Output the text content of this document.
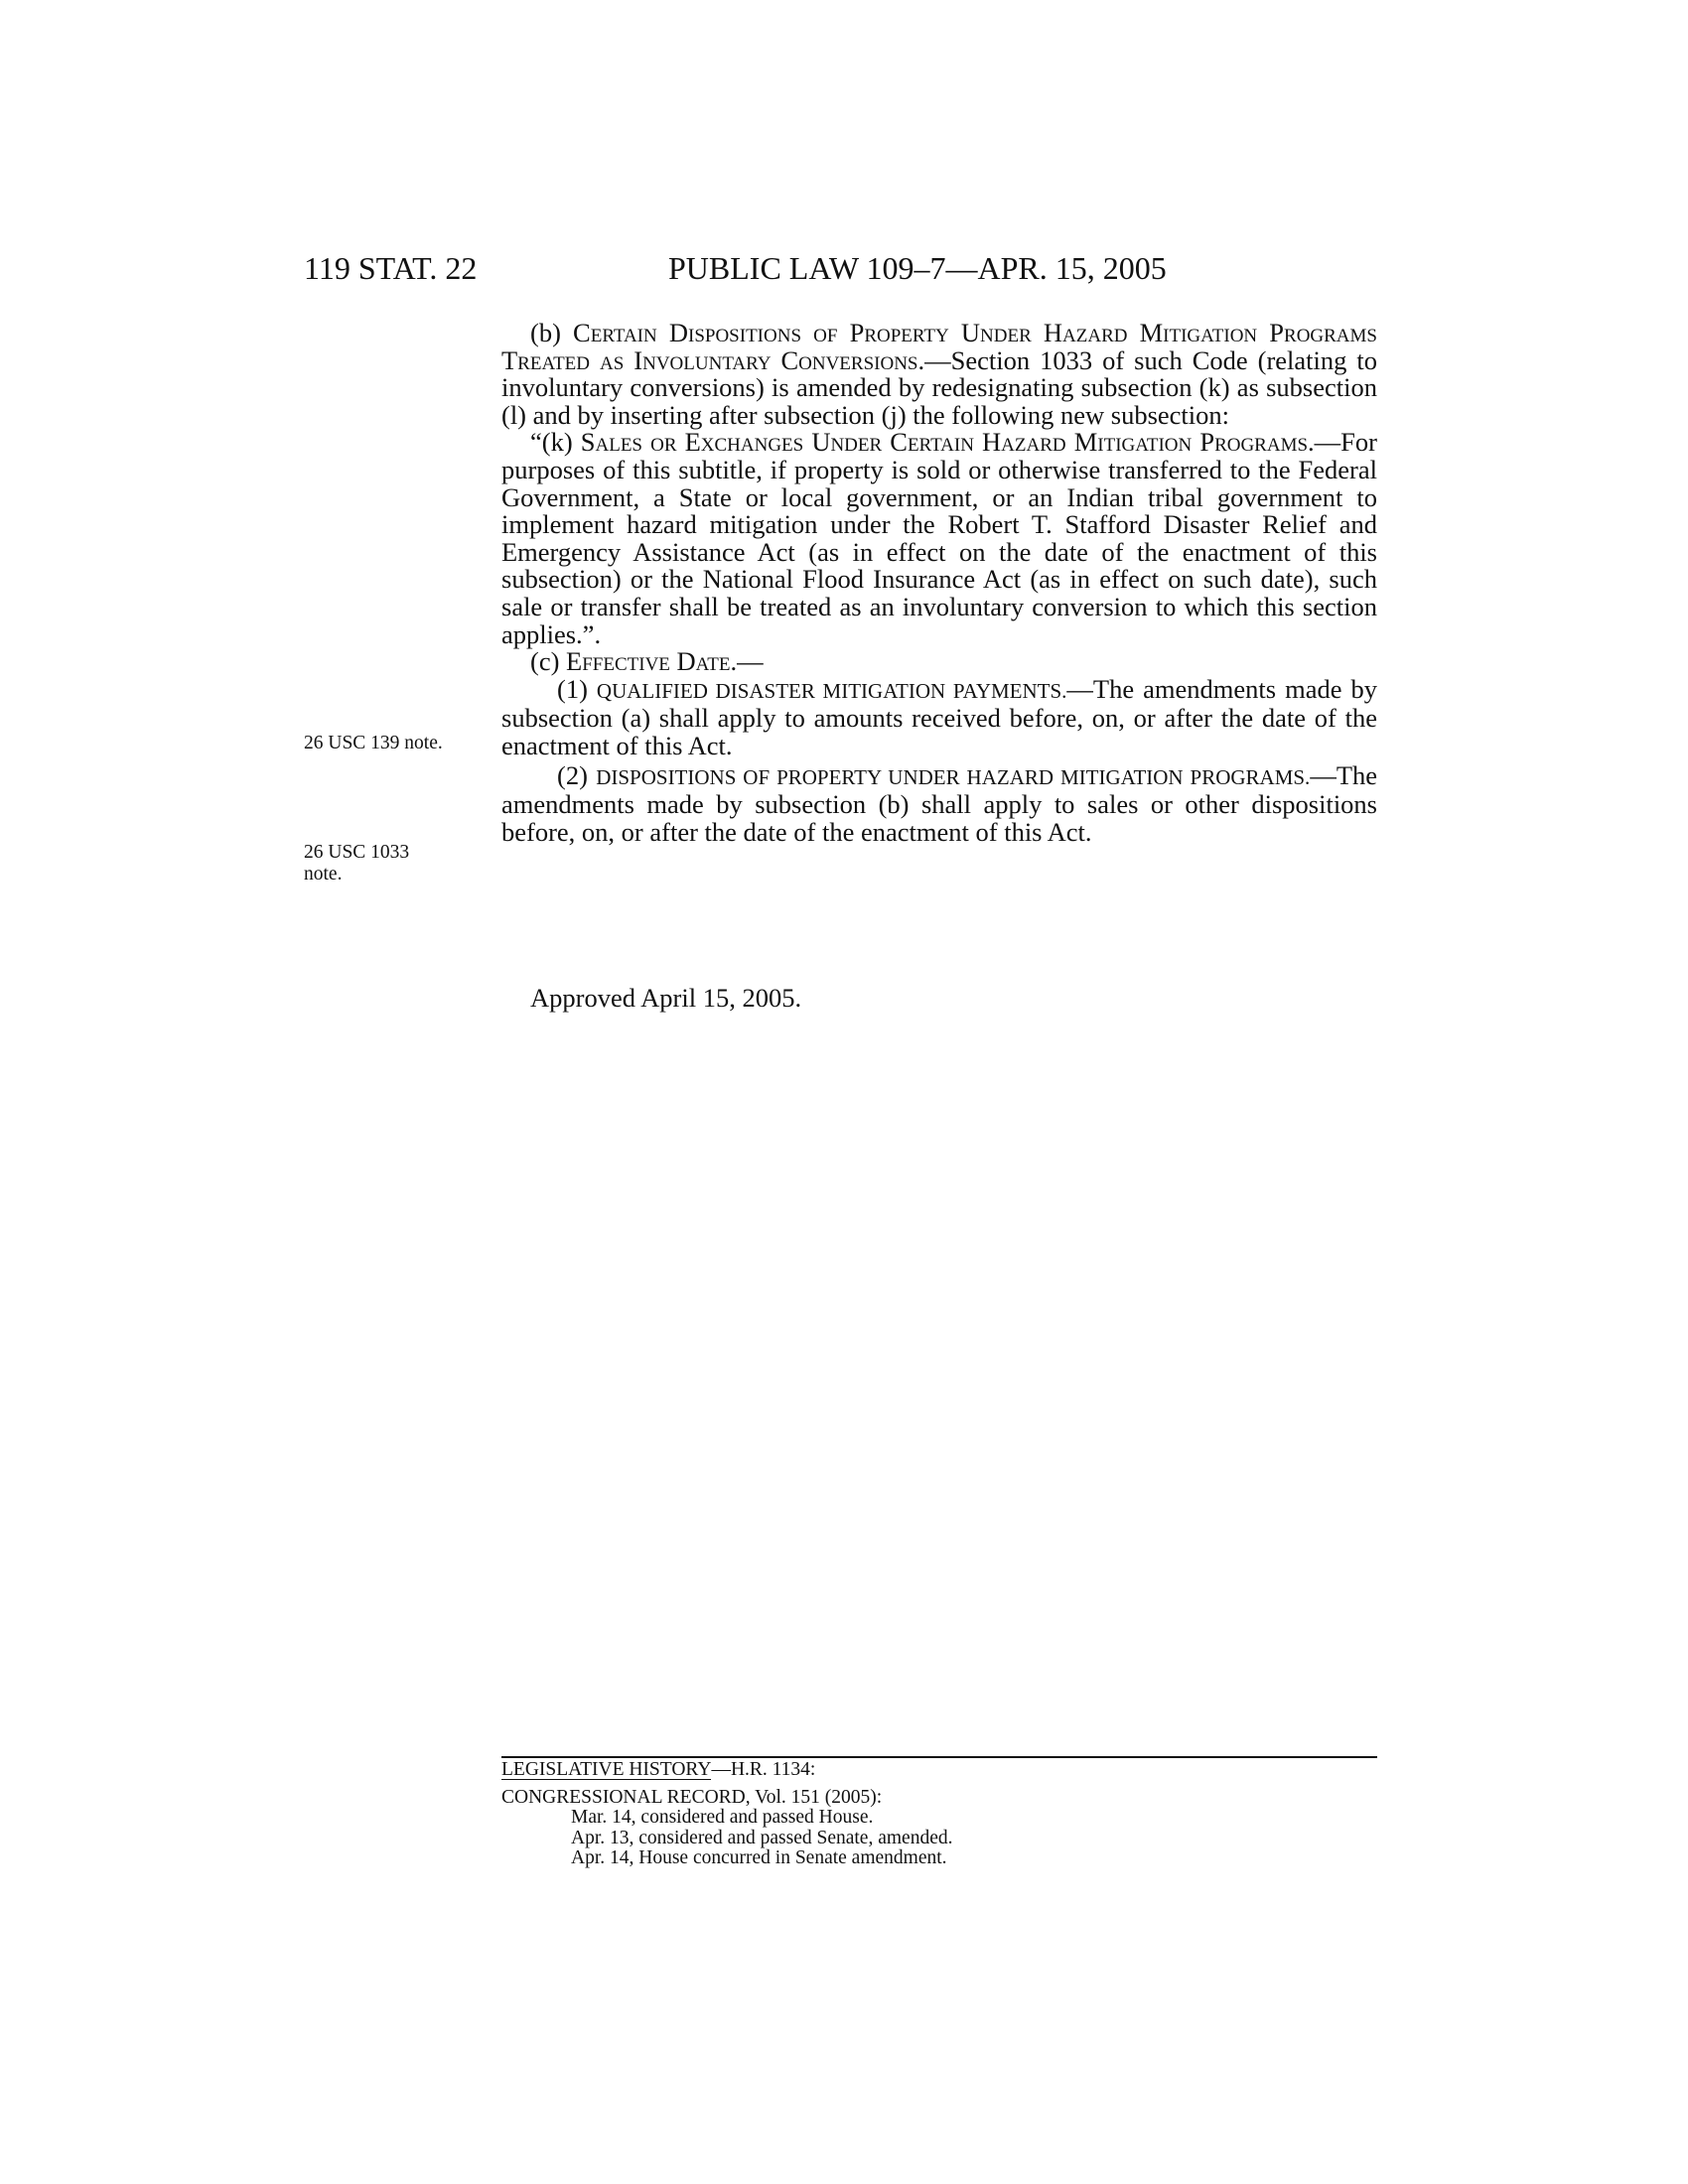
119 STAT. 22	PUBLIC LAW 109–7—APR. 15, 2005

(b) Certain Dispositions of Property Under Hazard Mitigation Programs Treated as Involuntary Conversions.—Section 1033 of such Code (relating to involuntary conversions) is amended by redesignating subsection (k) as subsection (l) and by inserting after subsection (j) the following new subsection:

“(k) Sales or Exchanges Under Certain Hazard Mitigation Programs.—For purposes of this subtitle, if property is sold or otherwise transferred to the Federal Government, a State or local government, or an Indian tribal government to implement hazard mitigation under the Robert T. Stafford Disaster Relief and Emergency Assistance Act (as in effect on the date of the enactment of this subsection) or the National Flood Insurance Act (as in effect on such date), such sale or transfer shall be treated as an involuntary conversion to which this section applies.”.

(c) Effective Date.—

(1) QUALIFIED DISASTER MITIGATION PAYMENTS.—The amendments made by subsection (a) shall apply to amounts received before, on, or after the date of the enactment of this Act.

(2) DISPOSITIONS OF PROPERTY UNDER HAZARD MITIGATION PROGRAMS.—The amendments made by subsection (b) shall apply to sales or other dispositions before, on, or after the date of the enactment of this Act.

26 USC 139 note.
26 USC 1033
note.
Approved April 15, 2005.
LEGISLATIVE HISTORY—H.R. 1134:
CONGRESSIONAL RECORD, Vol. 151 (2005):
Mar. 14, considered and passed House.
Apr. 13, considered and passed Senate, amended.
Apr. 14, House concurred in Senate amendment.
